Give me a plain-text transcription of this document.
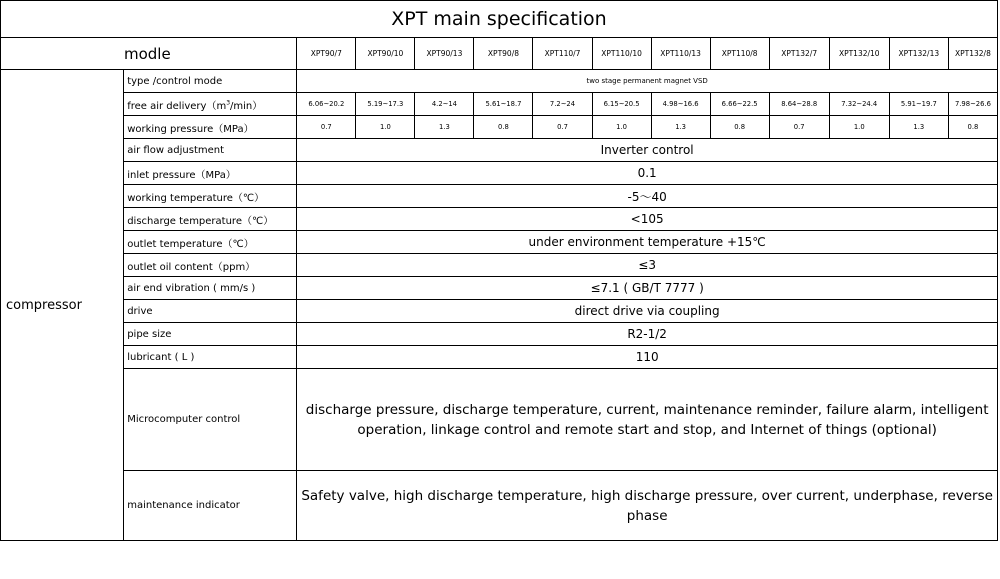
XPT main specification													
modle		XPT90/7	XPT90/10	XPT90/13	XPT90/8	XPT110/7	XPT110/10	XPT110/13	XPT110/8	XPT132/7	XPT132/10	XPT132/13	XPT132/8
compressor	type /control mode	two stage permanent magnet VSD											
	free air $delivery(m^3/\min)$	6.06~20.2	5.19~17.3	4.2~14	5.61~18.7	7.2~24	6.15~20.5	4.98~16.6	6.66~22.5	8.64~28.8	7.32~24.4	5.91~19.7	7.98~26.6
	working pressure（MPa）	0.7	1.0	1.3	0.8	0.7	1.0	1.3	0.8	0.7	1.0	1.3	0.8
	air flow adjustment	Inverter control											
	inlet pressure（MPa）	0.1											
	working temperature（℃）	-5～40											
	discharge temperature（℃）	<105											
	outlet temperature（℃）	under environment temperature +15℃											
	outlet oil content（ppm）	≤3											
	air end vibration ( mm/s )	≤7.1 ( GB/T 7777 )											
	drive	direct drive via coupling											
	pipe size	R2-1/2											
	lubricant ( L )	110											
	Microcomputer control	discharge pressure, discharge temperature, current, maintenance reminder, failure alarm, intelligent operation, linkage control and remote start and stop, and Internet of things (optional)											
	maintenance indicator	Safety valve, high discharge temperature, high discharge pressure, over current, underphase, reverse phase											
